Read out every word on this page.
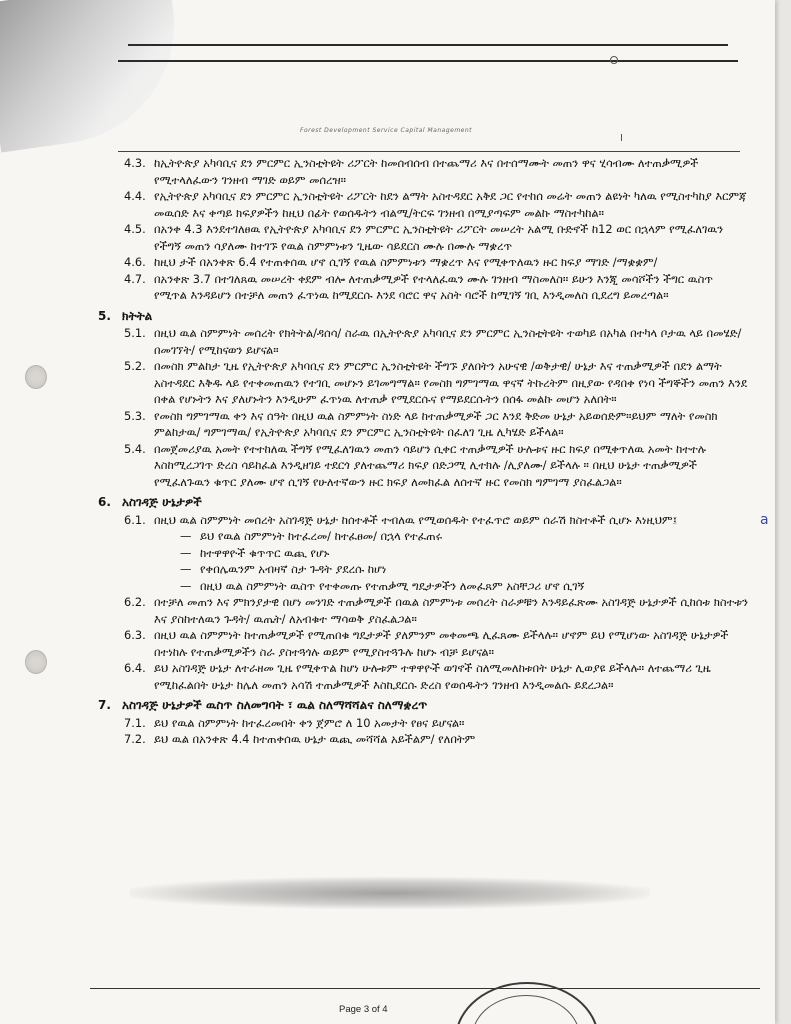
Forest Development Service Capital Management
4.3. ከኢትዮጵያ አካባቢና ደን ምርምር ኢንስቲትዩት ሪፖርት ከመሰብሰብ በተጨማሪ እና በተሰማሙት መጠን ዋና ሂሳብሙ ለተጠቃሚዎች የሚተላለፈውን ገንዘብ ማገድ ወይም መሰረዝ።
4.4. የኢትዮጵያ አካባቢና ደን ምርምር ኢንስቲትዩት ሪፖርት ከደን ልማት አስተዳደር አቅደ ጋር የተከሰ መሬት መጠን ልዩነት ካለዉ የሚስተካከያ እርምጃ መዉሰድ እና ቀጣይ ክፍያዎችን ከዚህ በፊት የወሰዱትን ብልሚ/ትርፍ ገንዘብ በሚያጣፍም መልኩ ማስተካከል።
4.5. በአንቀ 4.3 እንደተገለፀዉ የኢትዮጵያ አካባቢና ደን ምርምር ኢንስቲትዩት ሪፖርት መሠረት አልሚ ቡድኖች ከ12 ወር በኋላም የሚፈለገዉን የችግኝ መጠን ሳያለሙ ከተገኙ የዉል ስምምነቱን ጊዜው ሳይደርስ ሙሉ በሙሉ ማቋረጥ
4.6. ከዚህ ታች በአንቀጽ 6.4 የተጠቀሰዉ ሆኖ ሲገኝ የዉል ስምምነቱን ማቋረጥ እና የሚቀጥለዉን ዙር ክፍያ ማገድ /ማቋቋም/
4.7. በአንቀጽ 3.7 በተገለጸዉ መሠረት ቀደም ብሎ ለተጠቃሚዎች የተላለፈዉን ሙሉ ገንዘብ ማስመለስ። ይሁን እንጂ መሳሾችን ችግር ዉስጥ የሚጥል እንዳይሆን በተቻለ መጠን ፈጥነዉ ከሚደርሱ እንደ ባሮር ዋና አስት ባሮች ከሚገኝ ገቢ እንዲመለስ ቢደረግ ይመረጣል።
5. ክትትል
5.1. በዚህ ዉል ስምምነት መሰረት የክትትል/ዳሰሳ/ ስራዉ በኢትዮጵያ አካባቢና ደን ምርምር ኢንስቲትዩት ተወካይ በአካል በተካላ ቦታዉ ላይ በመሄድ/ በመገኘት/ የሚከናወን ይሆናል።
5.2. በመስክ ምልከታ ጊዜ የኢትዮጵያ አካባቢና ደን ምርምር ኢንስቲትዩት ችግኙ ያለበትን አሁናዊ /ወቅታዊ/ ሁኔታ እና ተጠቃሚዎች በደን ልማት አስተዳደር እቅዱ ላይ የተቀመጠዉን የተገቢ መሆኑን ይገመግማል። የመስክ ግምገማዉ ዋናኛ ትኩረትም በዚያው የዳበቀ የነባ ችግኞችን መጠን እንደ በቀል የሆኑትን እና ያለሆኑትን እንዲሁም ፈጥነዉ ለተጠቃ የሚደርሱና የማይደርሱትን በሰፋ መልኩ መሆን አለበት።
5.3. የመስክ ግምገማዉ ቀን እና ሰዓት በዚህ ዉል ስምምነት ስነድ ላይ ከተጠቃሚዎች ጋር እንደ ቅድመ ሁኔታ አይወሰድም።ይህም ማለት የመስክ ምልከታዉ/ ግምገማዉ/ የኢትዮጵያ አካባቢና ደን ምርምር ኢንስቲትዩት በፈለገ ጊዜ ሊካሄድ ይችላል።
5.4. በመጀመሪያዉ አመት የተተከለዉ ችግኝ የሚፈለገዉን መጠን ሳይሆን ሲቀር ተጠቃሚዎች ሁሉቱና ዙር ክፍያ በሚቀጥለዉ አመት ከተተሉ እስከሚረጋገጥ ድረስ ሳይከፈል እንዲዘገይ ተደርጎ ያለተጨማሪ ክፍያ በድጋሚ ሊተክሉ /ሊያለሙ/ ይችላሉ ። በዚህ ሁኔታ ተጠቃሚዎች የሚፈለጉዉን ቁጥር ያለሙ ሆኖ ሲገኝ የሁለተኛውን ዙር ክፍያ ለመክፈል ለሰተኛ ዙር የመስክ ግምገማ ያስፈልጋል።
6. አስገዳጅ ሁኔታዎች
6.1. በዚህ ዉል ስምምነት መሰረት አስገዳጅ ሁኔታ ከሰተቶች ተብለዉ የሚወሰዱት የተፈጥሮ ወይም ሰራሽ ክስተቶች ሲሆኑ እነዚህም፤
— ይህ የዉል ስምምነት ከተፈረመ/ ከተፈፀመ/ በኋላ የተፈጠሩ
— ከተዋዋዮች ቁጥጥር ዉጪ የሆኑ
— የቀበሌዉንም አብዛኛ ስታ ጉዳት ያደረሱ ከሆነ
— በዚህ ዉል ስምምነት ዉስጥ የተቀመጡ የተጠቃሚ ግዴታዎችን ለመፈጸም አስቸጋሪ ሆኖ ሲገኝ
6.2. በተቻለ መጠን እና ምክንያታዊ በሆነ መንገድ ተጠቃሚዎች በዉል ስምምነቱ መሰረት ስራዎቹን እንዳይፈጽሙ አስገዳጅ ሁኔታዎች ሲከሰቱ ክስተቱን እና ያስከተለዉን ጉዳት/ ዉጤት/ ለአብቁተ ማሳወቅ ያስፈልጋል።
6.3. በዚህ ዉል ስምምነት ከተጠቃሚዎች የሚጠበቁ ግዴታዎች ያለምንም መቀመጫ ሊፈጸሙ ይችላሉ። ሆኖም ይህ የሚሆነው አስገዳጅ ሁኔታዎች በተነከሉ የተጠቃሚዎችን ስራ ያስተጓጎሉ ወይም የሚያስተጓጉሉ ከሆኑ ብቻ ይሆናል።
6.4. ይህ አስገዳጅ ሁኔታ ለተራዘመ ጊዜ የሚቀጥል ከሆነ ሁሉቱም ተዋዋዮች ወገኖች ስለሚመለከቱበት ሁኔታ ሊወያዩ ይችላሉ። ለተጨማሪ ጊዜ የሚከፈልበት ሁኔታ ከሌለ መጠን አሳሽ ተጠቃሚዎች እስኪደርሱ ድረስ የወሰዱትን ገንዘብ እንዲመልሱ ይደረጋል።
7. አስገዳጅ ሁኔታዎች ዉስጥ ስለመግባት ፣ ዉል ስለማሻሻልና ስለማቋረጥ
7.1. ይህ የዉል ስምምነት ከተፈረመበት ቀን ጀምሮ ለ 10 አመታት የፀና ይሆናል።
7.2. ይህ ዉል በአንቀጽ 4.4 ከተጠቀሰዉ ሁኔታ ዉጪ መሻሻል አይችልም/ የለበትም
a
Page 3 of 4
